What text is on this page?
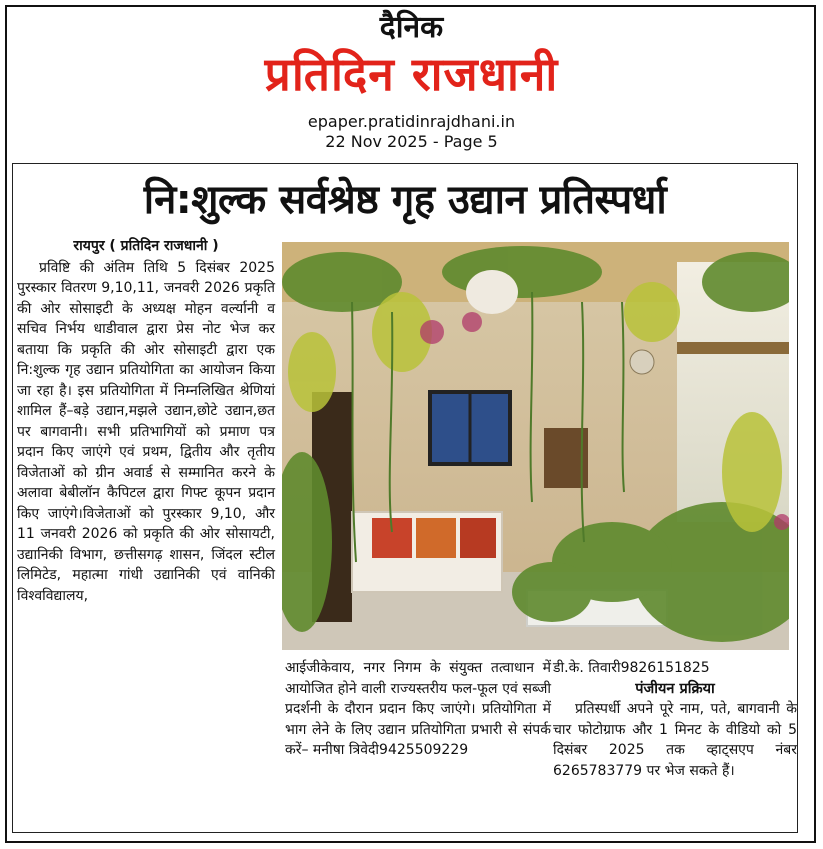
दैनिक
प्रतिदिन राजधानी
epaper.pratidinrajdhani.in
22 Nov 2025 - Page 5
नि:शुल्क सर्वश्रेष्ठ गृह उद्यान प्रतिस्पर्धा
रायपुर ( प्रतिदिन राजधानी )

प्रविष्टि की अंतिम तिथि 5 दिसंबर 2025 पुरस्कार वितरण 9,10,11, जनवरी 2026 प्रकृति की ओर सोसाइटी के अध्यक्ष मोहन वर्ल्यानी व सचिव निर्भय धाडीवाल द्वारा प्रेस नोट भेज कर बताया कि प्रकृति की ओर सोसाइटी द्वारा एक नि:शुल्क गृह उद्यान प्रतियोगिता का आयोजन किया जा रहा है। इस प्रतियोगिता में निम्नलिखित श्रेणियां शामिल हैं–बड़े उद्यान,मझले उद्यान,छोटे उद्यान,छत पर बागवानी। सभी प्रतिभागियों को प्रमाण पत्र प्रदान किए जाएंगे एवं प्रथम, द्वितीय और तृतीय विजेताओं को ग्रीन अवार्ड से सम्मानित करने के अलावा बेबीलॉन कैपिटल द्वारा गिफ्ट कूपन प्रदान किए जाएंगे।विजेताओं को पुरस्कार 9,10, और 11 जनवरी 2026 को प्रकृति की ओर सोसायटी, उद्यानिकी विभाग, छत्तीसगढ़ शासन, जिंदल स्टील लिमिटेड, महात्मा गांधी उद्यानिकी एवं वानिकी विश्वविद्यालय,

आईजीकेवाय, नगर निगम के संयुक्त तत्वाधान में आयोजित होने वाली राज्यस्तरीय फल-फूल एवं सब्जी प्रदर्शनी के दौरान प्रदान किए जाएंगे। प्रतियोगिता में भाग लेने के लिए उद्यान प्रतियोगिता प्रभारी से संपर्क करें– मनीषा त्रिवेदी9425509229

डी.के. तिवारी9826151825

पंजीयन प्रक्रिया

प्रतिस्पर्धी अपने पूरे नाम, पते, बागवानी के चार फोटोग्राफ और 1 मिनट के वीडियो को 5 दिसंबर 2025 तक व्हाट्सएप नंबर 6265783779 पर भेज सकते हैं।
